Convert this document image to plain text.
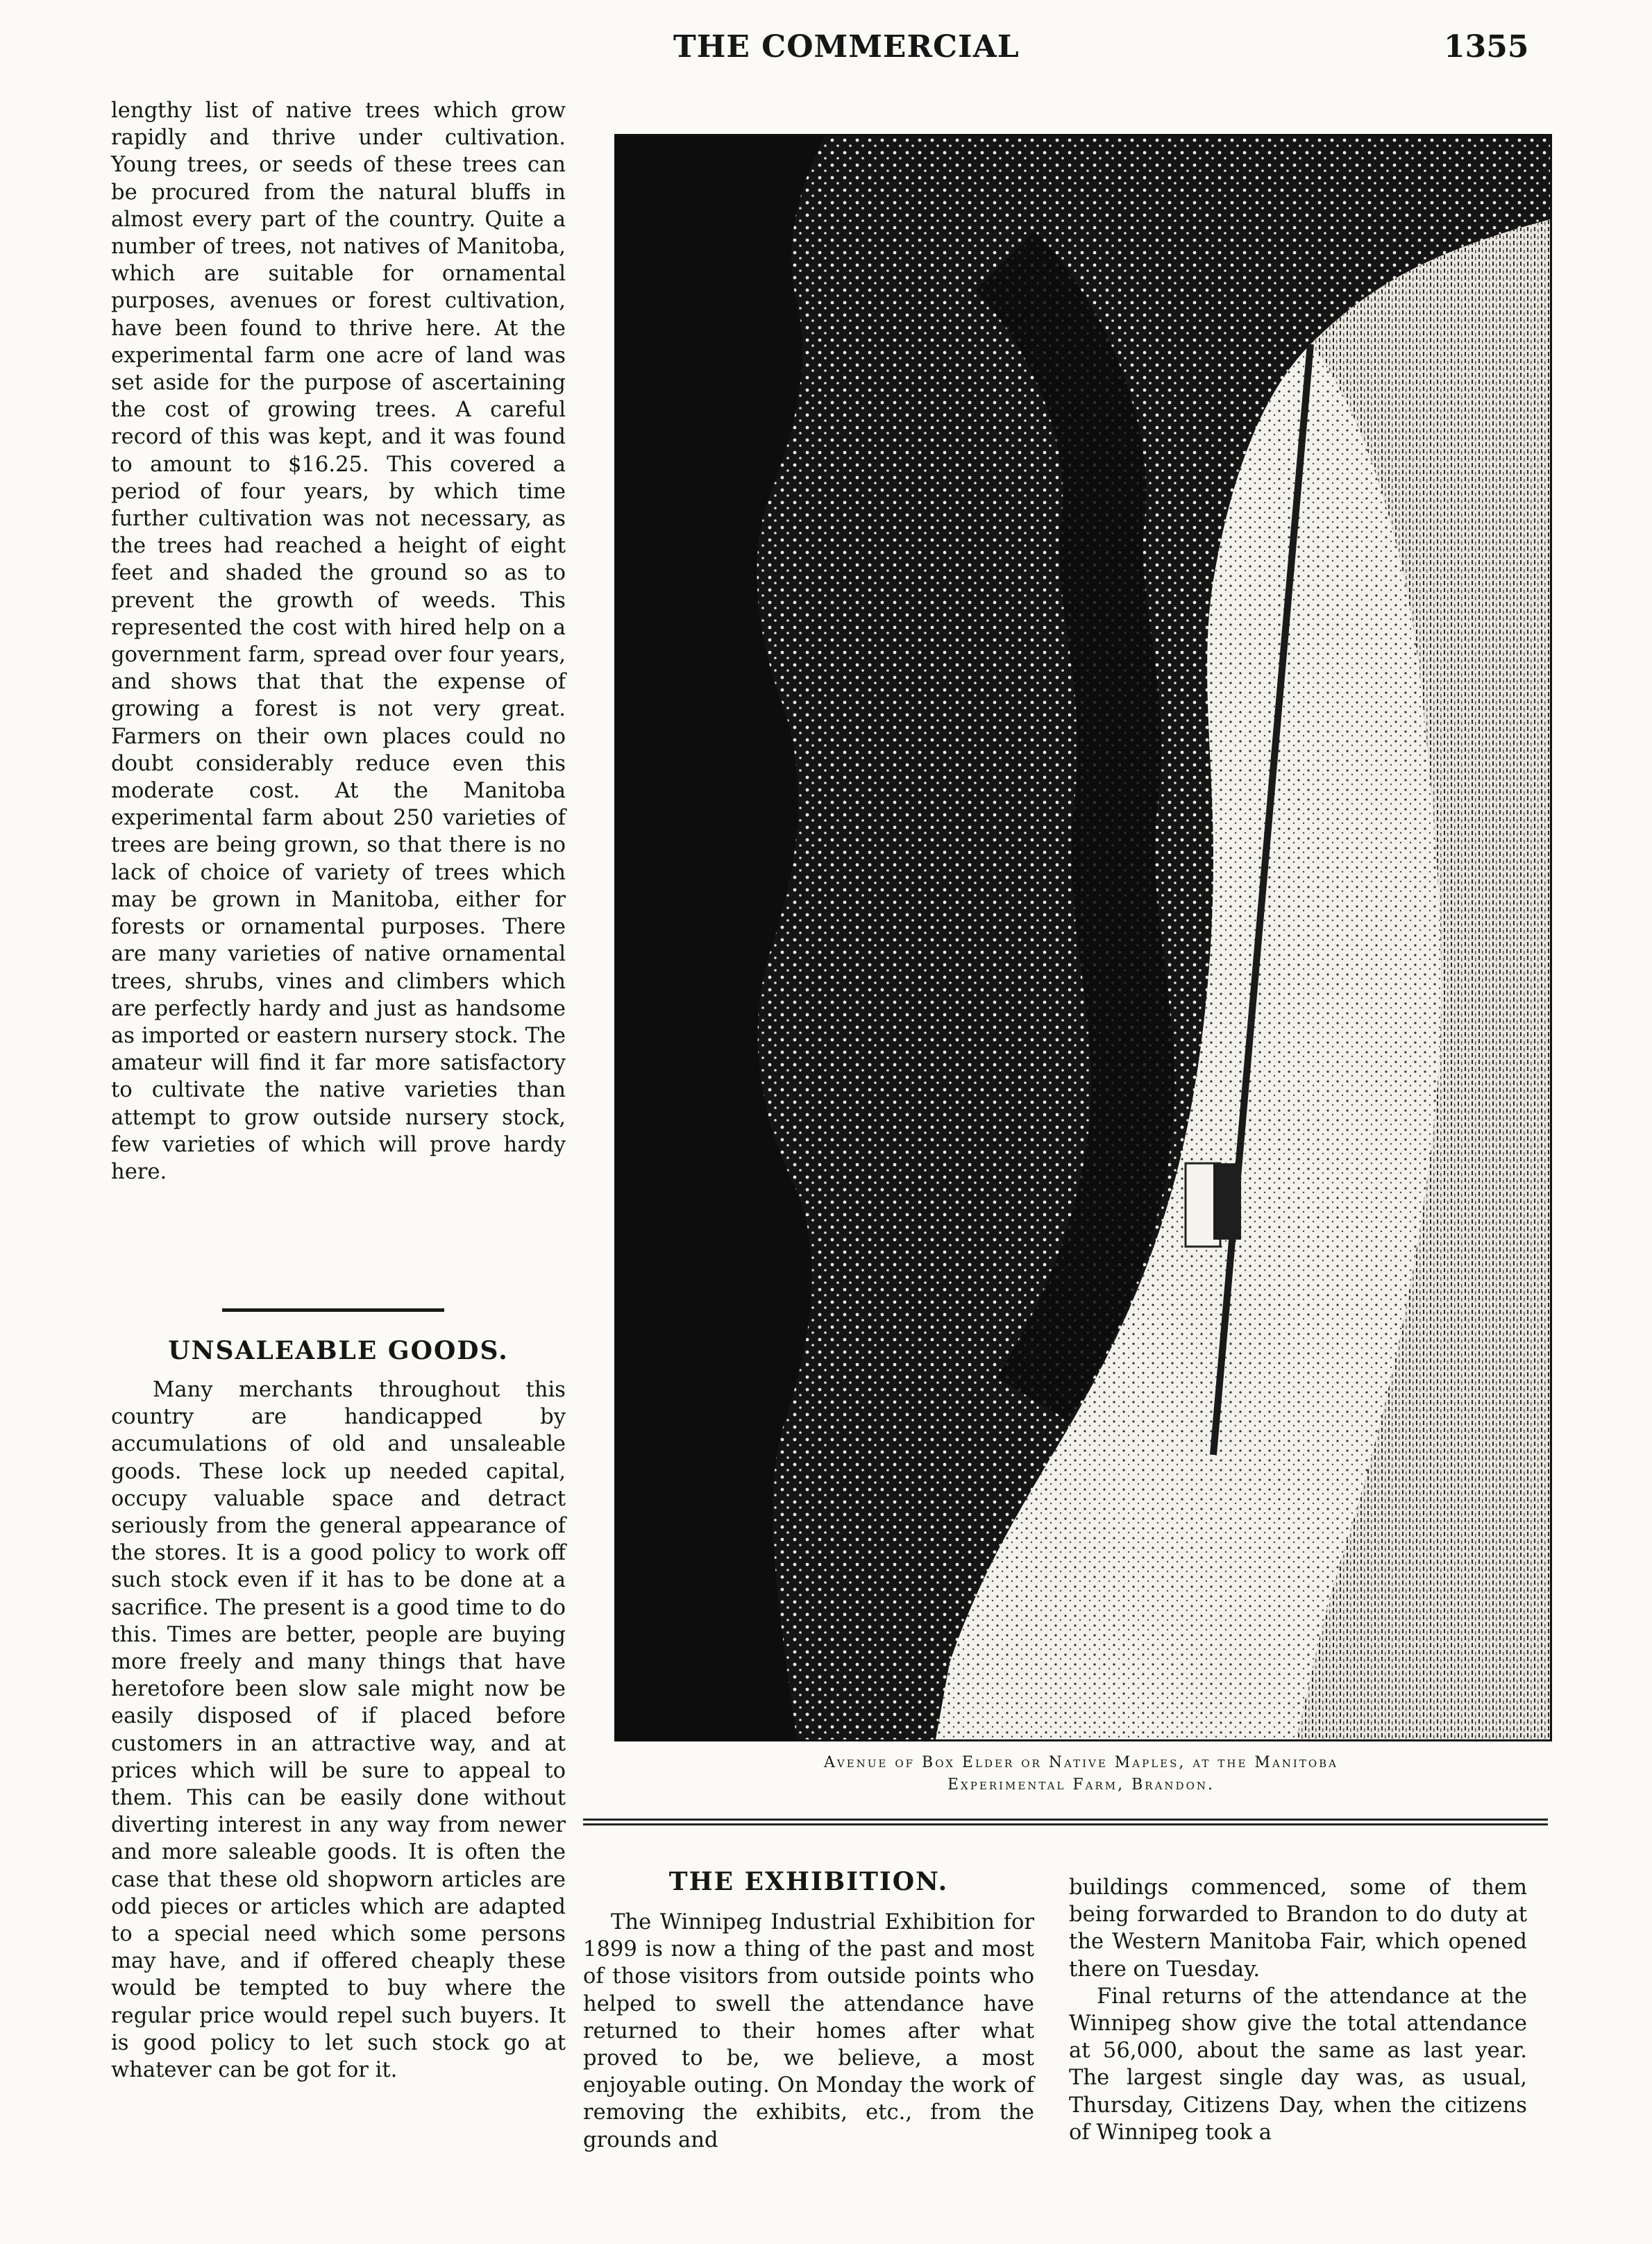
THE COMMERCIAL	1355

lengthy list of native trees which grow rapidly and thrive under cultivation. Young trees, or seeds of these trees can be procured from the natural bluffs in almost every part of the country. Quite a number of trees, not natives of Manitoba, which are suitable for ornamental purposes, avenues or forest cultivation, have been found to thrive here. At the experimental farm one acre of land was set aside for the purpose of ascertaining the cost of growing trees. A careful record of this was kept, and it was found to amount to $16.25. This covered a period of four years, by which time further cultivation was not necessary, as the trees had reached a height of eight feet and shaded the ground so as to prevent the growth of weeds. This represented the cost with hired help on a government farm, spread over four years, and shows that that the expense of growing a forest is not very great. Farmers on their own places could no doubt considerably reduce even this moderate cost. At the Manitoba experimental farm about 250 varieties of trees are being grown, so that there is no lack of choice of variety of trees which may be grown in Manitoba, either for forests or ornamental purposes. There are many varieties of native ornamental trees, shrubs, vines and climbers which are perfectly hardy and just as handsome as imported or eastern nursery stock. The amateur will find it far more satisfactory to cultivate the native varieties than attempt to grow outside nursery stock, few varieties of which will prove hardy here.

UNSALEABLE GOODS.

Many merchants throughout this country are handicapped by accumulations of old and unsaleable goods. These lock up needed capital, occupy valuable space and detract seriously from the general appearance of the stores. It is a good policy to work off such stock even if it has to be done at a sacrifice. The present is a good time to do this. Times are better, people are buying more freely and many things that have heretofore been slow sale might now be easily disposed of if placed before customers in an attractive way, and at prices which will be sure to appeal to them. This can be easily done without diverting interest in any way from newer and more saleable goods. It is often the case that these old shopworn articles are odd pieces or articles which are adapted to a special need which some persons may have, and if offered cheaply these would be tempted to buy where the regular price would repel such buyers. It is good policy to let such stock go at whatever can be got for it.

Avenue of Box Elder or Native Maples, at the Manitoba
Experimental Farm, Brandon.
THE EXHIBITION.

The Winnipeg Industrial Exhibition for 1899 is now a thing of the past and most of those visitors from outside points who helped to swell the attendance have returned to their homes after what proved to be, we believe, a most enjoyable outing. On Monday the work of removing the exhibits, etc., from the grounds and

buildings commenced, some of them being forwarded to Brandon to do duty at the Western Manitoba Fair, which opened there on Tuesday.

Final returns of the attendance at the Winnipeg show give the total attendance at 56,000, about the same as last year. The largest single day was, as usual, Thursday, Citizens Day, when the citizens of Winnipeg took a
